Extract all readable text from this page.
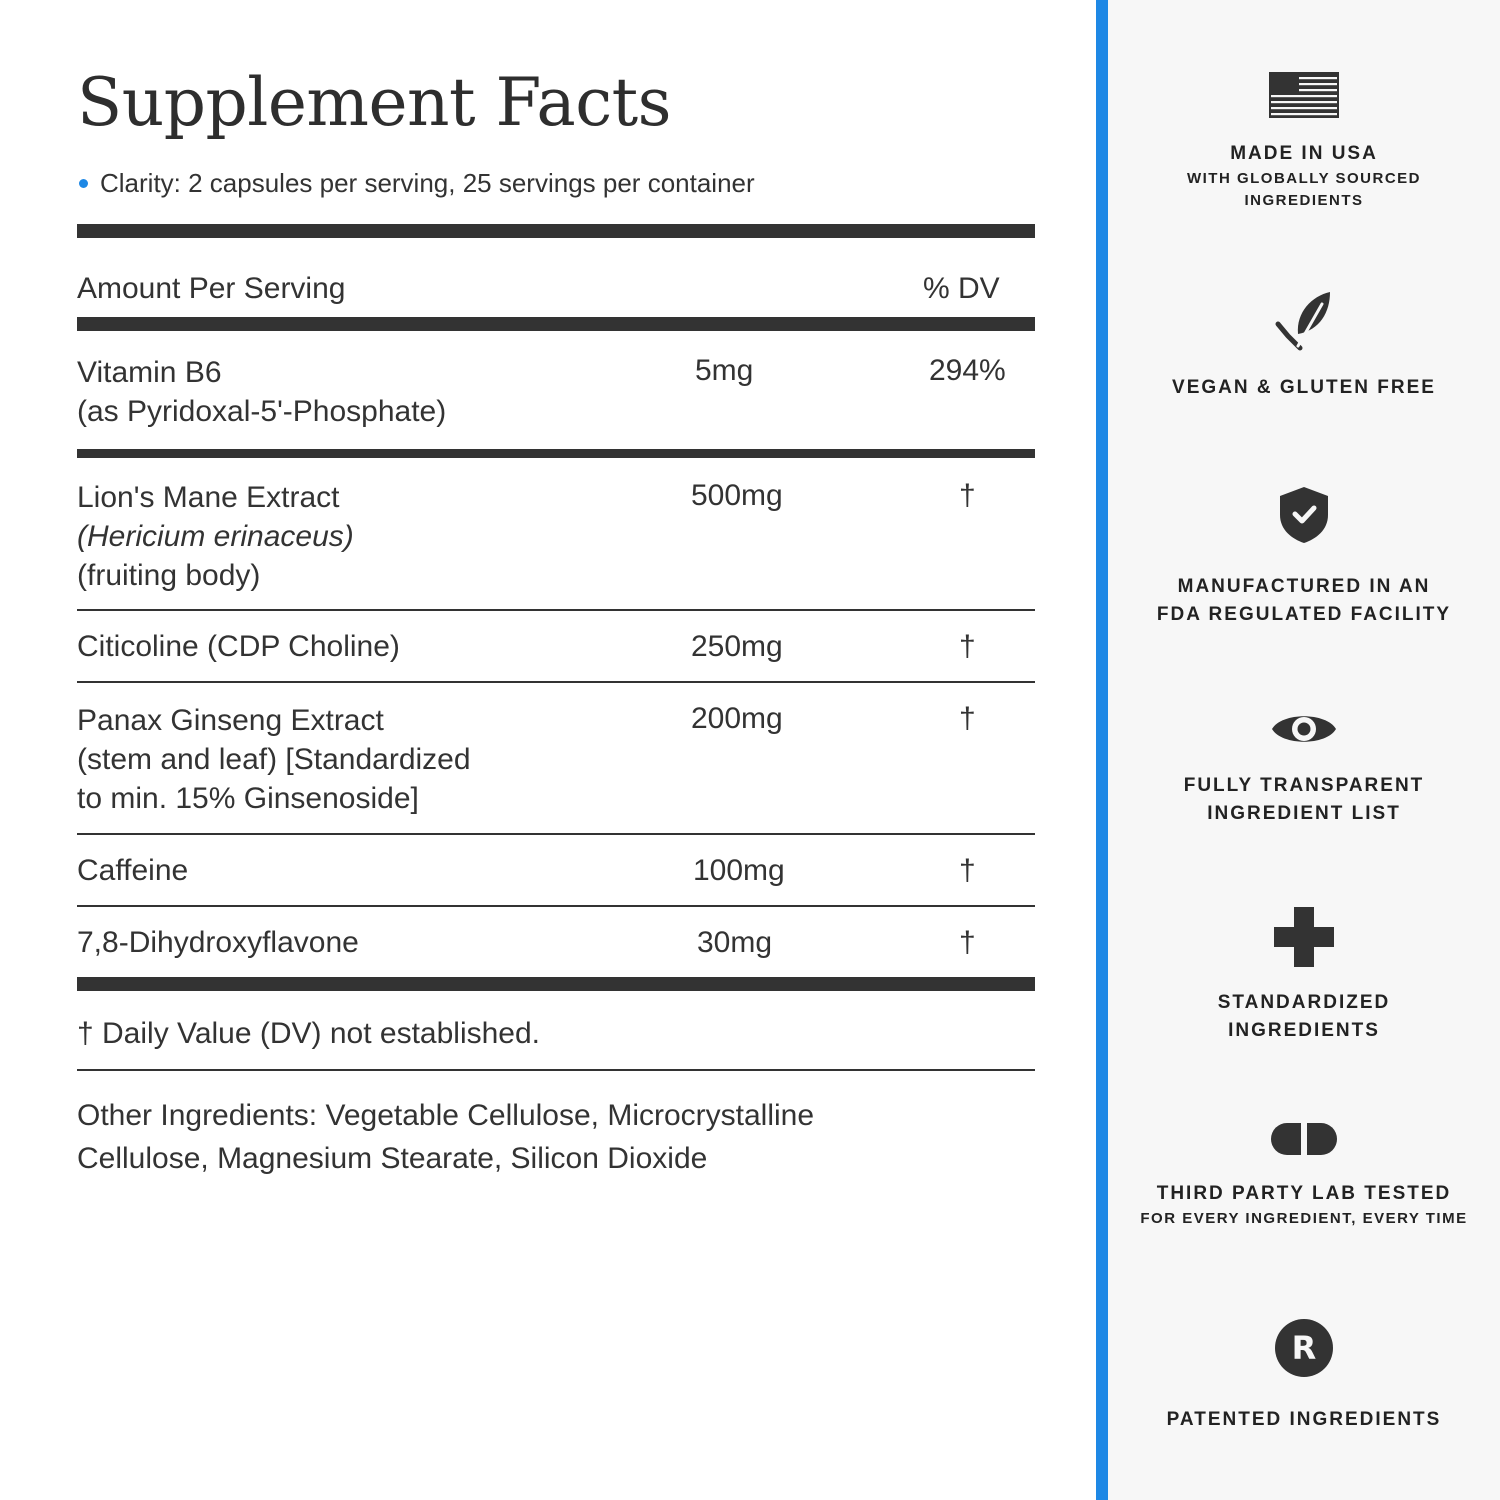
Supplement Facts
Clarity: 2 capsules per serving, 25 servings per container
Amount Per Serving	% DV
Vitamin B6
(as Pyridoxal-5'-Phosphate)
5mg	294%
Lion's Mane Extract
(Hericium erinaceus)
(fruiting body)
500mg	†
Citicoline (CDP Choline)	250mg	†
Panax Ginseng Extract
(stem and leaf) [Standardized
to min. 15% Ginsenoside]
200mg	†
Caffeine	100mg	†
7,8-Dihydroxyflavone	30mg	†
† Daily Value (DV) not established.
Other Ingredients: Vegetable Cellulose, Microcrystalline Cellulose, Magnesium Stearate, Silicon Dioxide
MADE IN USA
WITH GLOBALLY SOURCED
INGREDIENTS
VEGAN & GLUTEN FREE
MANUFACTURED IN AN
FDA REGULATED FACILITY
FULLY TRANSPARENT
INGREDIENT LIST
STANDARDIZED
INGREDIENTS
THIRD PARTY LAB TESTED
FOR EVERY INGREDIENT, EVERY TIME
R
PATENTED INGREDIENTS
